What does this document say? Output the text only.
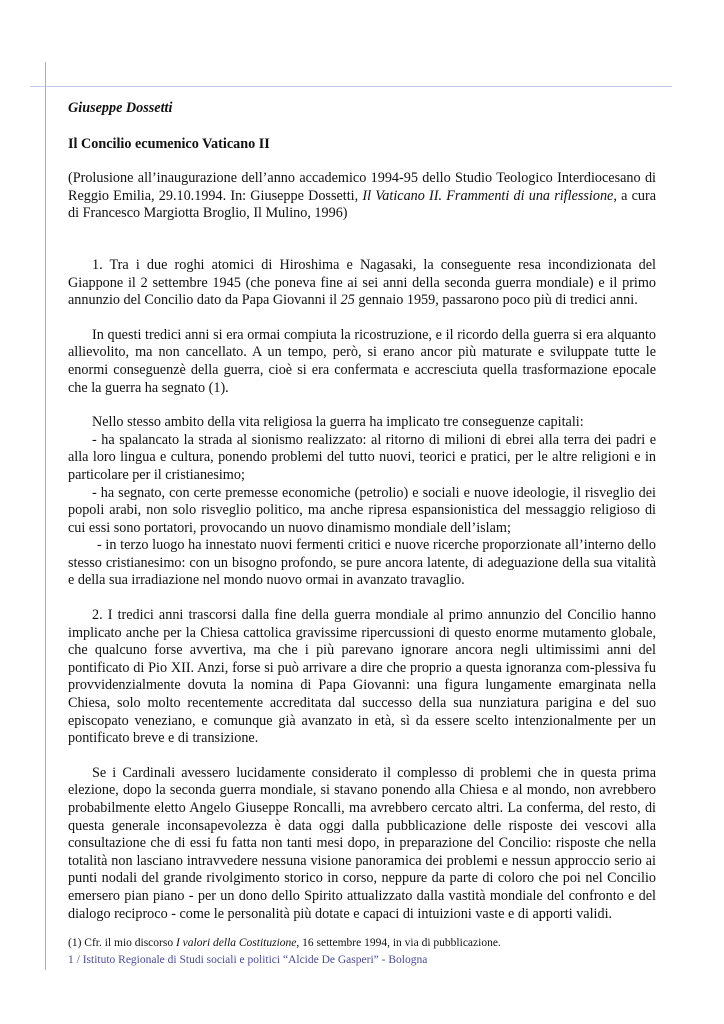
Giuseppe Dossetti
Il Concilio ecumenico Vaticano II

(Prolusione all’inaugurazione dell’anno accademico 1994-95 dello Studio Teologico Interdiocesano di Reggio Emilia, 29.10.1994. In: Giuseppe Dossetti, Il Vaticano II. Frammenti di una riflessione, a cura di Francesco Margiotta Broglio, Il Mulino, 1996)

1. Tra i due roghi atomici di Hiroshima e Nagasaki, la conseguente resa incondizionata del Giappone il 2 settembre 1945 (che poneva fine ai sei anni della seconda guerra mondiale) e il primo annunzio del Concilio dato da Papa Giovanni il 25 gennaio 1959, passarono poco più di tredici anni.

In questi tredici anni si era ormai compiuta la ricostruzione, e il ricordo della guerra si era alquanto allievolito, ma non cancellato. A un tempo, però, si erano ancor più maturate e sviluppate tutte le enormi conseguenzè della guerra, cioè si era confermata e accresciuta quella trasformazione epocale che la guerra ha segnato (1).

Nello stesso ambito della vita religiosa la guerra ha implicato tre conseguenze capitali:

- ha spalancato la strada al sionismo realizzato: al ritorno di milioni di ebrei alla terra dei padri e alla loro lingua e cultura, ponendo problemi del tutto nuovi, teorici e pratici, per le altre religioni e in particolare per il cristianesimo;

- ha segnato, con certe premesse economiche (petrolio) e sociali e nuove ideologie, il risveglio dei popoli arabi, non solo risveglio politico, ma anche ripresa espansionistica del messaggio religioso di cui essi sono portatori, provocando un nuovo dinamismo mondiale dell’islam;

- in terzo luogo ha innestato nuovi fermenti critici e nuove ricerche proporzionate all’interno dello stesso cristianesimo: con un bisogno profondo, se pure ancora latente, di adeguazione della sua vitalità e della sua irradiazione nel mondo nuovo ormai in avanzato travaglio.

2. I tredici anni trascorsi dalla fine della guerra mondiale al primo annunzio del Concilio hanno implicato anche per la Chiesa cattolica gravissime ripercussioni di questo enorme mutamento globale, che qualcuno forse avvertiva, ma che i più parevano ignorare ancora negli ultimissimi anni del pontificato di Pio XII. Anzi, forse si può arrivare a dire che proprio a questa ignoranza com-plessiva fu provvidenzialmente dovuta la nomina di Papa Giovanni: una figura lungamente emarginata nella Chiesa, solo molto recentemente accreditata dal successo della sua nunziatura parigina e del suo episcopato veneziano, e comunque già avanzato in età, sì da essere scelto intenzionalmente per un pontificato breve e di transizione.

Se i Cardinali avessero lucidamente considerato il complesso di problemi che in questa prima elezione, dopo la seconda guerra mondiale, si stavano ponendo alla Chiesa e al mondo, non avrebbero probabilmente eletto Angelo Giuseppe Roncalli, ma avrebbero cercato altri. La conferma, del resto, di questa generale inconsapevolezza è data oggi dalla pubblicazione delle risposte dei vescovi alla consultazione che di essi fu fatta non tanti mesi dopo, in preparazione del Concilio: risposte che nella totalità non lasciano intravvedere nessuna visione panoramica dei problemi e nessun approccio serio ai punti nodali del grande rivolgimento storico in corso, neppure da parte di coloro che poi nel Concilio emersero pian piano - per un dono dello Spirito attualizzato dalla vastità mondiale del confronto e del dialogo reciproco - come le personalità più dotate e capaci di intuizioni vaste e di apporti validi.

(1) Cfr. il mio discorso I valori della Costituzione, 16 settembre 1994, in via di pubblicazione.

1 / Istituto Regionale di Studi sociali e politici “Alcide De Gasperi” - Bologna
